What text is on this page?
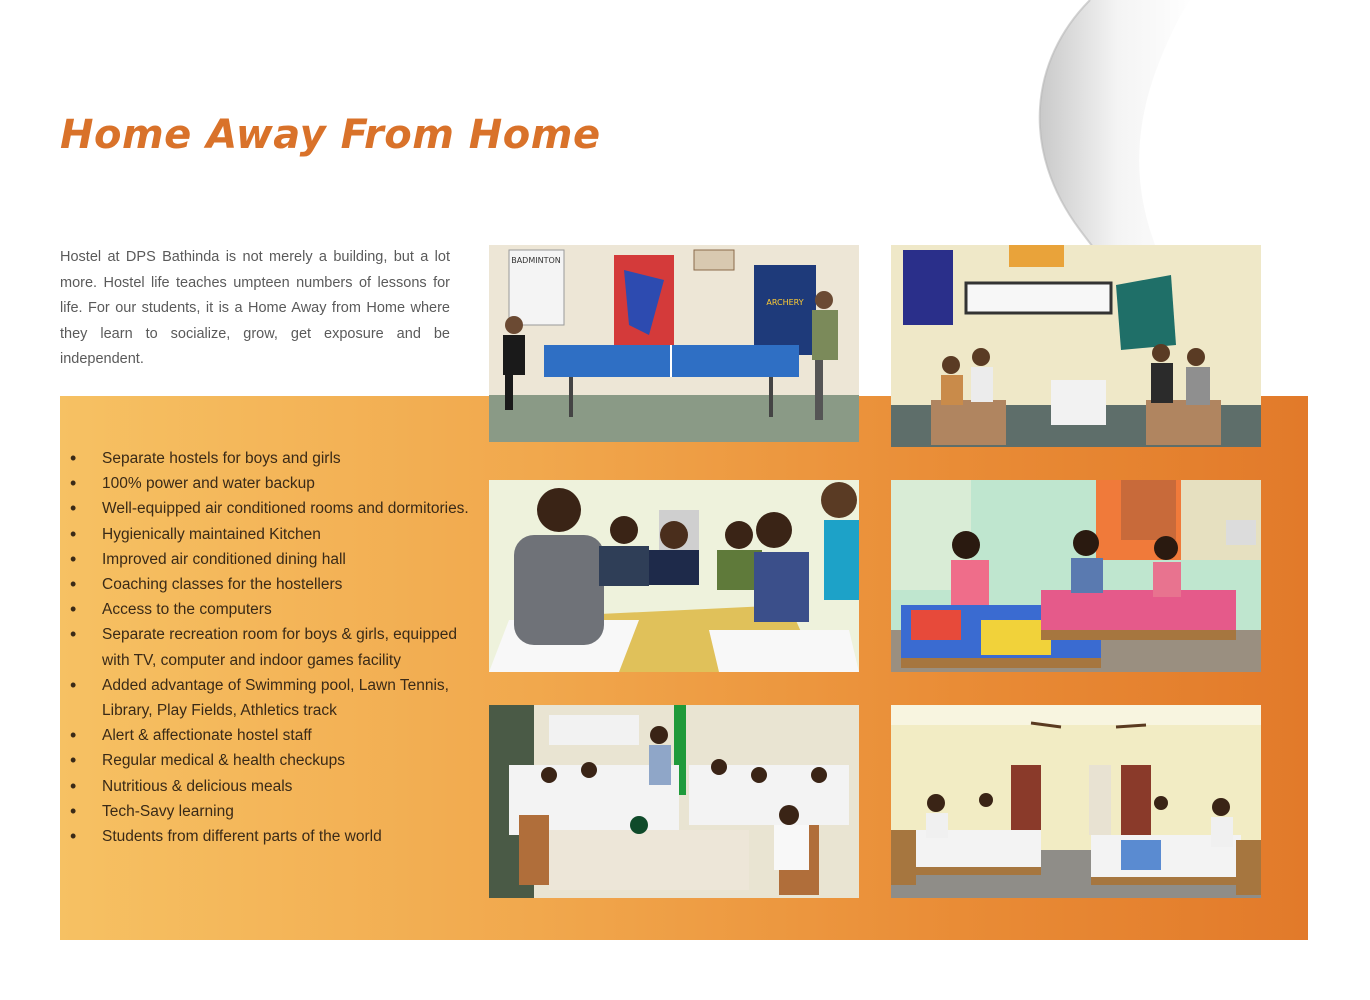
Home Away From Home

Hostel at DPS Bathinda is not merely a building, but a lot more. Hostel life teaches umpteen numbers of lessons for life. For our students, it is a Home Away from Home where they learn to socialize, grow, get exposure and be independent.

• Separate hostels for boys and girls
• 100% power and water backup
• Well-equipped air conditioned rooms and dormitories.
• Hygienically maintained Kitchen
• Improved air conditioned dining hall
• Coaching classes for the hostellers
• Access to the computers
• Separate recreation room for boys & girls, equipped with TV, computer and indoor games facility
• Added advantage of Swimming pool, Lawn Tennis, Library, Play Fields, Athletics track
• Alert & affectionate hostel staff
• Regular medical & health checkups
• Nutritious & delicious meals
• Tech-Savy learning
• Students from different parts of the world
BADMINTON
ARCHERY
